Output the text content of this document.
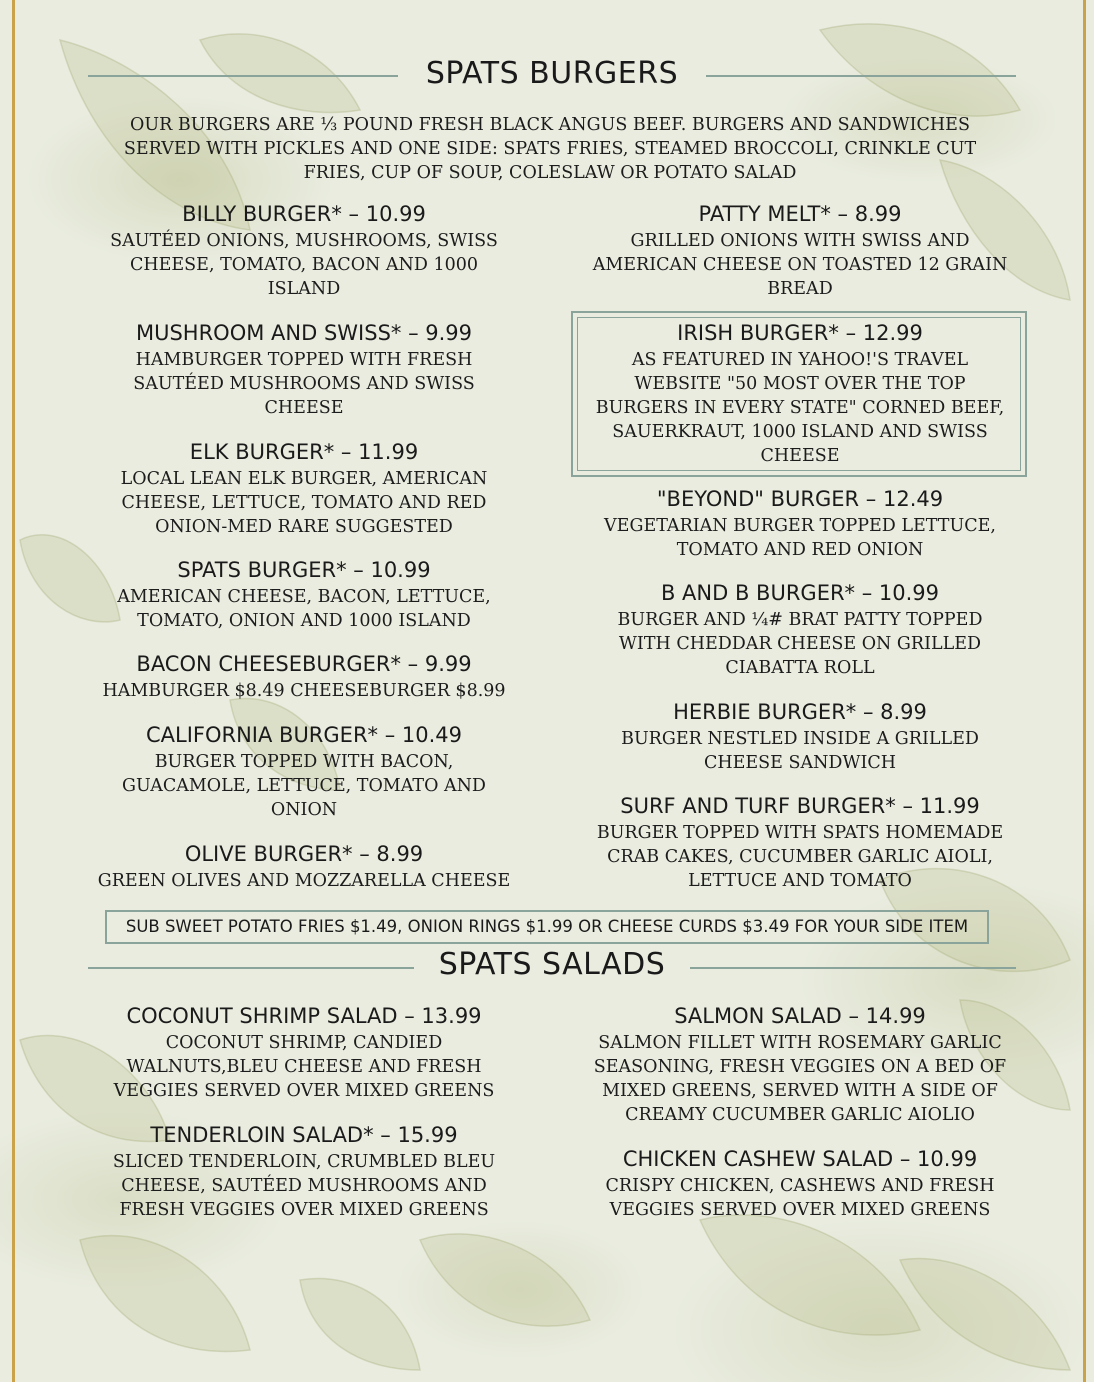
SPATS BURGERS
OUR BURGERS ARE ⅓ POUND FRESH BLACK ANGUS BEEF. BURGERS AND SANDWICHES SERVED WITH PICKLES AND ONE SIDE: SPATS FRIES, STEAMED BROCCOLI, CRINKLE CUT FRIES, CUP OF SOUP, COLESLAW OR POTATO SALAD
BILLY BURGER* – 10.99
SAUTÉED ONIONS, MUSHROOMS, SWISS CHEESE, TOMATO, BACON AND 1000 ISLAND
MUSHROOM AND SWISS* – 9.99
HAMBURGER TOPPED WITH FRESH SAUTÉED MUSHROOMS AND SWISS CHEESE
ELK BURGER* – 11.99
LOCAL LEAN ELK BURGER, AMERICAN CHEESE, LETTUCE, TOMATO AND RED ONION-MED RARE SUGGESTED
SPATS BURGER* – 10.99
AMERICAN CHEESE, BACON, LETTUCE, TOMATO, ONION AND 1000 ISLAND
BACON CHEESEBURGER* – 9.99
HAMBURGER $8.49 CHEESEBURGER $8.99
CALIFORNIA BURGER* – 10.49
BURGER TOPPED WITH BACON, GUACAMOLE, LETTUCE, TOMATO AND ONION
OLIVE BURGER* – 8.99
GREEN OLIVES AND MOZZARELLA CHEESE
PATTY MELT* – 8.99
GRILLED ONIONS WITH SWISS AND AMERICAN CHEESE ON TOASTED 12 GRAIN BREAD
IRISH BURGER* – 12.99
AS FEATURED IN YAHOO!'S TRAVEL WEBSITE "50 MOST OVER THE TOP BURGERS IN EVERY STATE" CORNED BEEF, SAUERKRAUT, 1000 ISLAND AND SWISS CHEESE
"BEYOND" BURGER – 12.49
VEGETARIAN BURGER TOPPED LETTUCE, TOMATO AND RED ONION
B AND B BURGER* – 10.99
BURGER AND ¼# BRAT PATTY TOPPED WITH CHEDDAR CHEESE ON GRILLED CIABATTA ROLL
HERBIE BURGER* – 8.99
BURGER NESTLED INSIDE A GRILLED CHEESE SANDWICH
SURF AND TURF BURGER* – 11.99
BURGER TOPPED WITH SPATS HOMEMADE CRAB CAKES, CUCUMBER GARLIC AIOLI, LETTUCE AND TOMATO
SUB SWEET POTATO FRIES $1.49, ONION RINGS $1.99 OR CHEESE CURDS $3.49 FOR YOUR SIDE ITEM
SPATS SALADS
COCONUT SHRIMP SALAD – 13.99
COCONUT SHRIMP, CANDIED WALNUTS,BLEU CHEESE AND FRESH VEGGIES SERVED OVER MIXED GREENS
TENDERLOIN SALAD* – 15.99
SLICED TENDERLOIN, CRUMBLED BLEU CHEESE, SAUTÉED MUSHROOMS AND FRESH VEGGIES OVER MIXED GREENS
SALMON SALAD – 14.99
SALMON FILLET WITH ROSEMARY GARLIC SEASONING, FRESH VEGGIES ON A BED OF MIXED GREENS, SERVED WITH A SIDE OF CREAMY CUCUMBER GARLIC AIOLIO
CHICKEN CASHEW SALAD – 10.99
CRISPY CHICKEN, CASHEWS AND FRESH VEGGIES SERVED OVER MIXED GREENS
